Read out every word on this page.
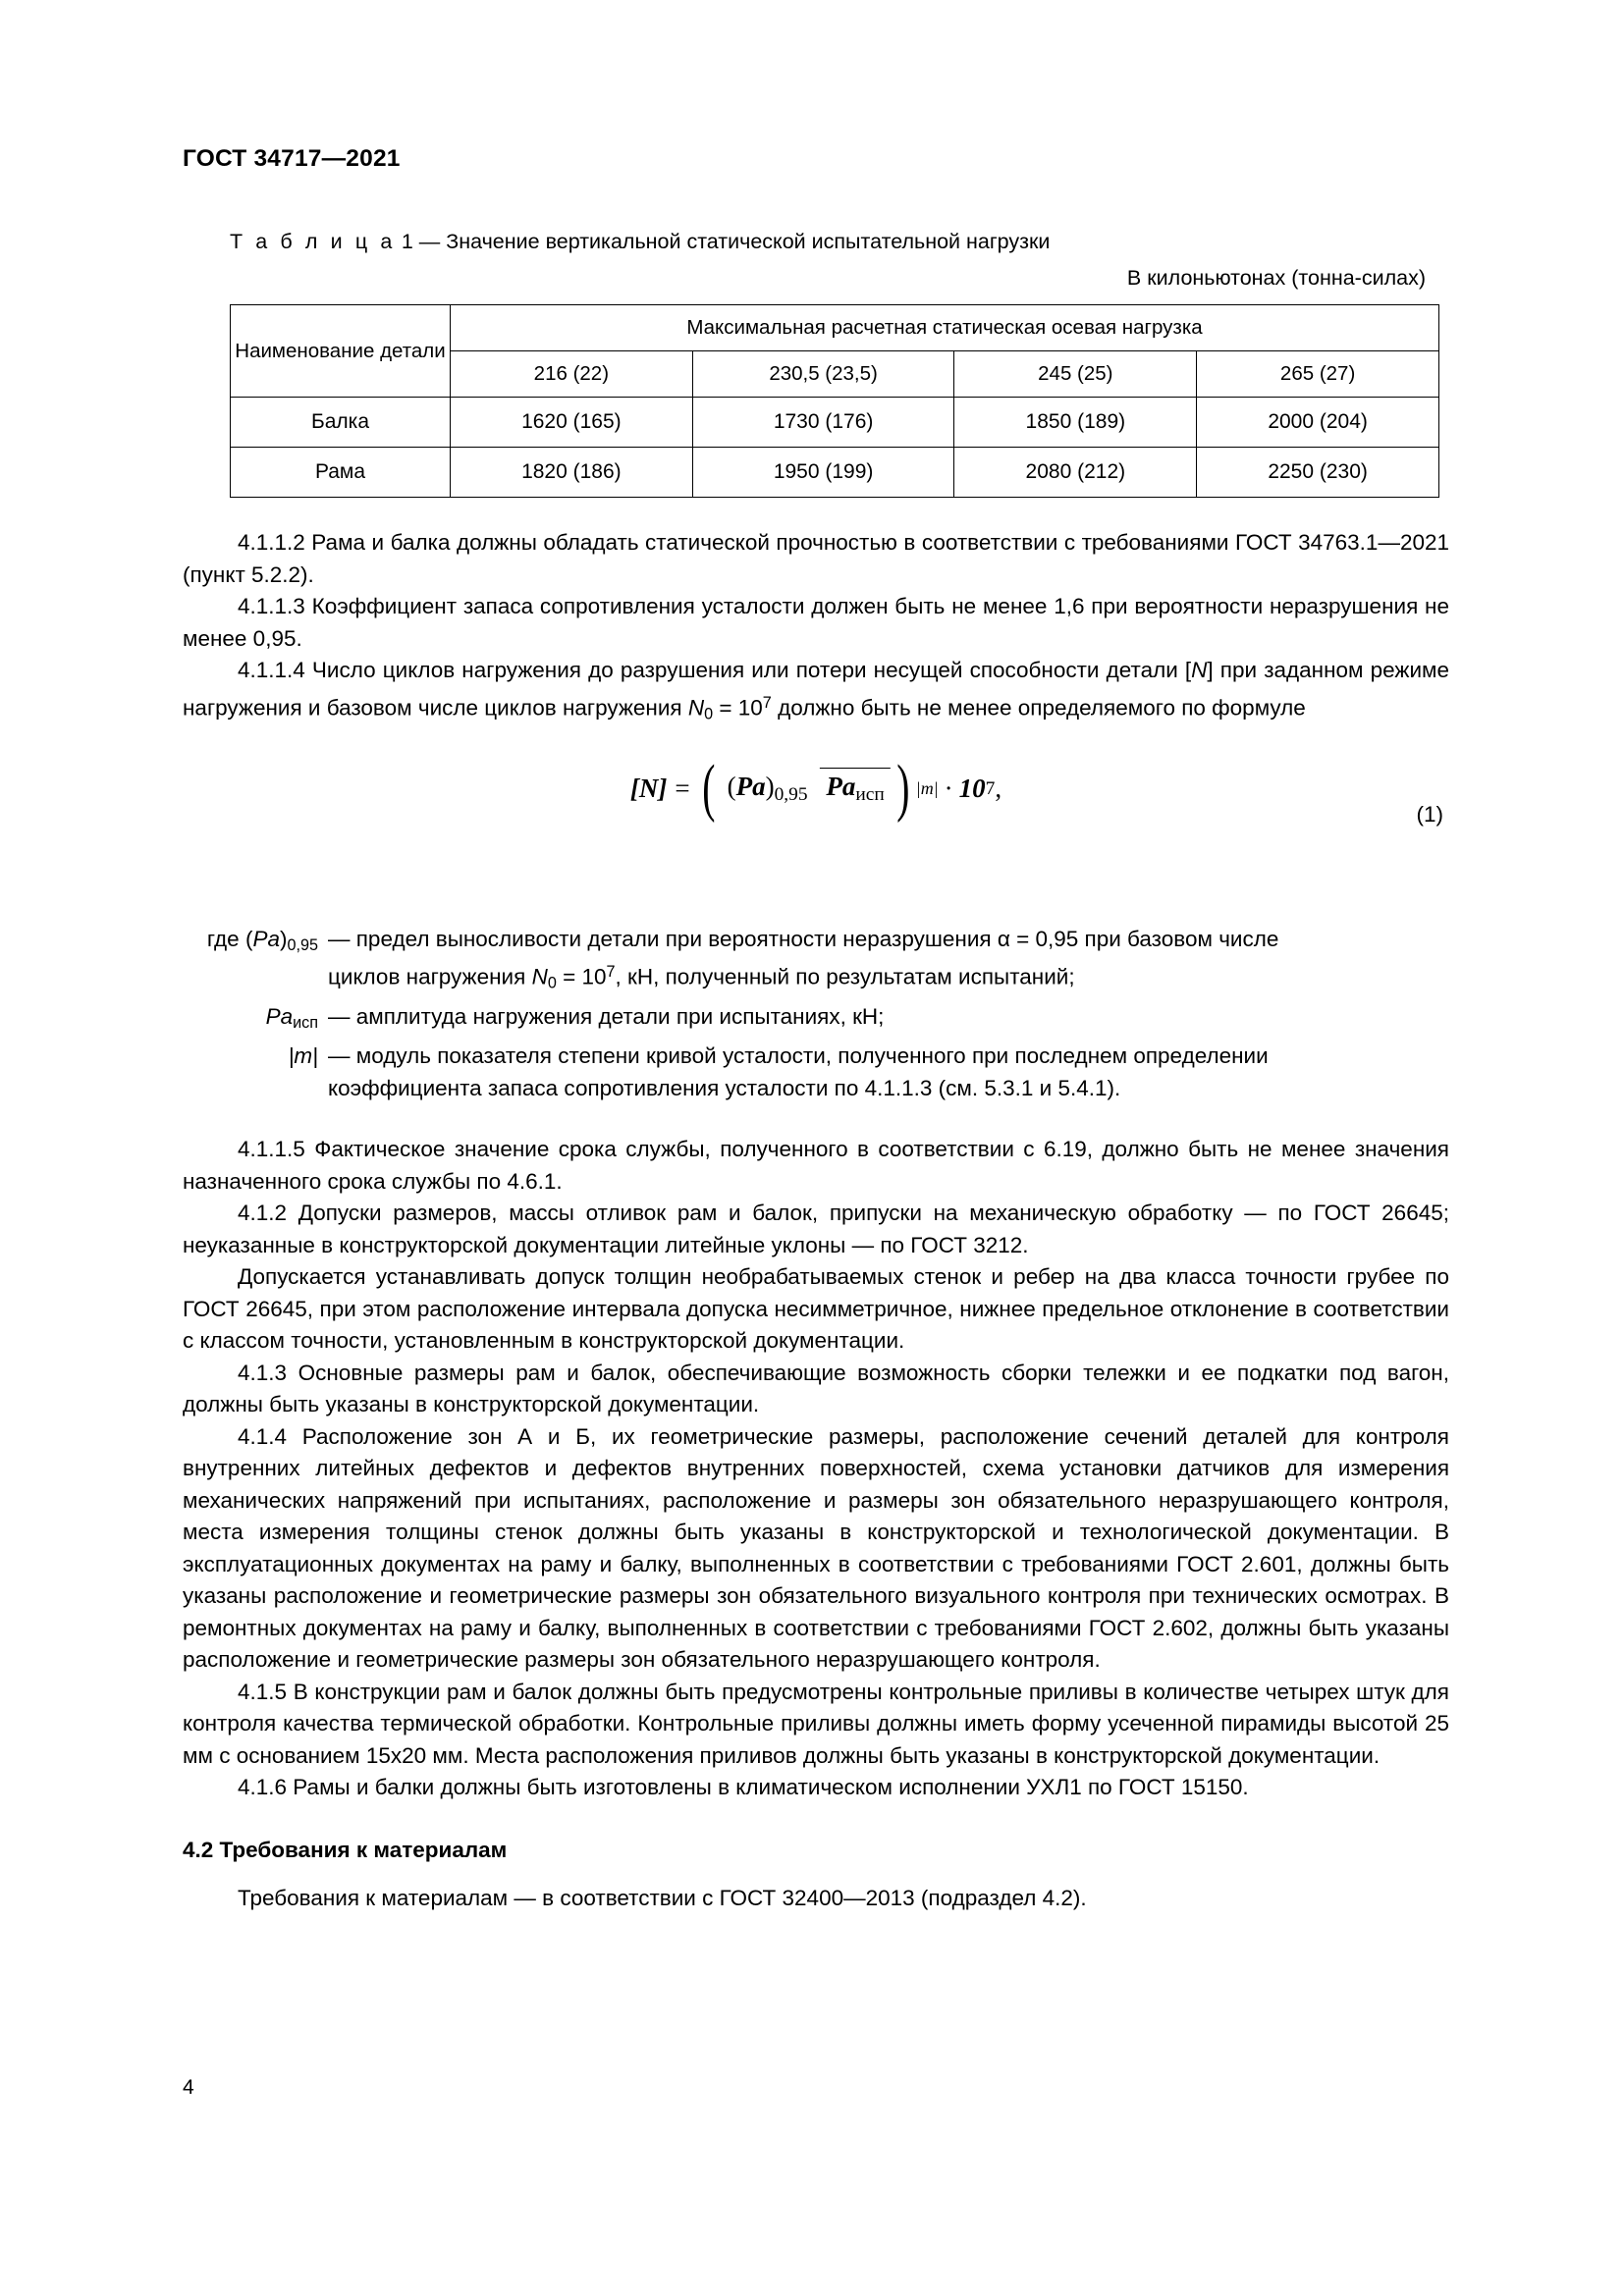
ГОСТ 34717—2021
Т а б л и ц а 1 — Значение вертикальной статической испытательной нагрузки
В килоньютонах (тонна-силах)
Наименование детали	Максимальная расчетная статическая осевая нагрузка			
	216 (22)	230,5 (23,5)	245 (25)	265 (27)
Балка	1620 (165)	1730 (176)	1850 (189)	2000 (204)
Рама	1820 (186)	1950 (199)	2080 (212)	2250 (230)

4.1.1.2 Рама и балка должны обладать статической прочностью в соответствии с требованиями ГОСТ 34763.1—2021 (пункт 5.2.2).

4.1.1.3 Коэффициент запаса сопротивления усталости должен быть не менее 1,6 при вероятности неразрушения не менее 0,95.

4.1.1.4 Число циклов нагружения до разрушения или потери несущей способности детали [N] при заданном режиме нагружения и базовом числе циклов нагружения $N_0 = 10^7$ должно быть не менее определяемого по формуле

[ N ] = ( $(Pa)_{0,95}$ $Pa_{исп}$ ) |m| · 10 7 ,
(1)
где $(Pa)_{0,95}$ — предел выносливости детали при вероятности неразрушения α = 0,95 при базовом числе
циклов нагружения $N_0 = 10^7$, кН, полученный по результатам испытаний;
$Pa_{исп}$ — амплитуда нагружения детали при испытаниях, кН;
|m| — модуль показателя степени кривой усталости, полученного при последнем определении
коэффициента запаса сопротивления усталости по 4.1.1.3 (см. 5.3.1 и 5.4.1).

4.1.1.5 Фактическое значение срока службы, полученного в соответствии с 6.19, должно быть не менее значения назначенного срока службы по 4.6.1.

4.1.2 Допуски размеров, массы отливок рам и балок, припуски на механическую обработку — по ГОСТ 26645; неуказанные в конструкторской документации литейные уклоны — по ГОСТ 3212.

Допускается устанавливать допуск толщин необрабатываемых стенок и ребер на два класса точности грубее по ГОСТ 26645, при этом расположение интервала допуска несимметричное, нижнее предельное отклонение в соответствии с классом точности, установленным в конструкторской документации.

4.1.3 Основные размеры рам и балок, обеспечивающие возможность сборки тележки и ее подкатки под вагон, должны быть указаны в конструкторской документации.

4.1.4 Расположение зон А и Б, их геометрические размеры, расположение сечений деталей для контроля внутренних литейных дефектов и дефектов внутренних поверхностей, схема установки датчиков для измерения механических напряжений при испытаниях, расположение и размеры зон обязательного неразрушающего контроля, места измерения толщины стенок должны быть указаны в конструкторской и технологической документации. В эксплуатационных документах на раму и балку, выполненных в соответствии с требованиями ГОСТ 2.601, должны быть указаны расположение и геометрические размеры зон обязательного визуального контроля при технических осмотрах. В ремонтных документах на раму и балку, выполненных в соответствии с требованиями ГОСТ 2.602, должны быть указаны расположение и геометрические размеры зон обязательного неразрушающего контроля.

4.1.5 В конструкции рам и балок должны быть предусмотрены контрольные приливы в количестве четырех штук для контроля качества термической обработки. Контрольные приливы должны иметь форму усеченной пирамиды высотой 25 мм с основанием 15х20 мм. Места расположения приливов должны быть указаны в конструкторской документации.

4.1.6 Рамы и балки должны быть изготовлены в климатическом исполнении УХЛ1 по ГОСТ 15150.

4.2 Требования к материалам

Требования к материалам — в соответствии с ГОСТ 32400—2013 (подраздел 4.2).

4
